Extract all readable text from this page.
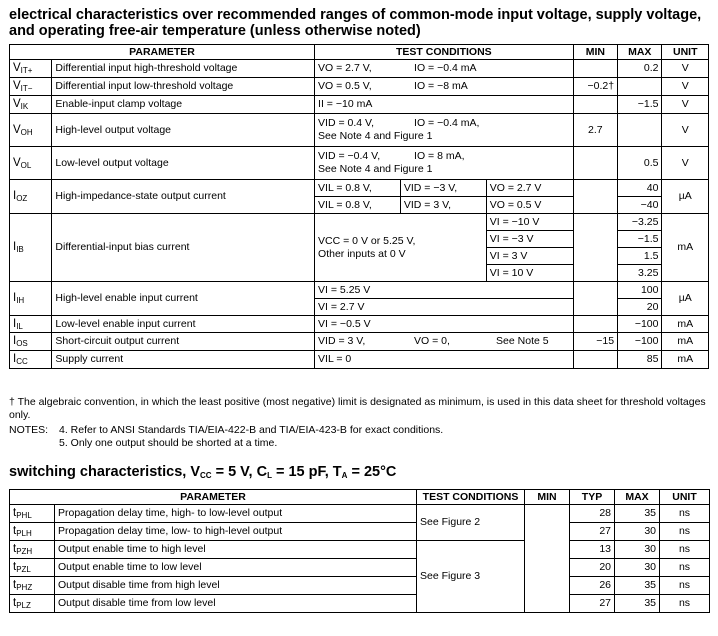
electrical characteristics over recommended ranges of common-mode input voltage, supply voltage, and operating free-air temperature (unless otherwise noted)
PARAMETER		TEST CONDITIONS			MIN	MAX	UNIT
$V_{IT+}$	Differential input high-threshold voltage	VO = 2.7 V, IO = −0.4 mA				0.2	V
$V_{IT-}$	Differential input low-threshold voltage	VO = 0.5 V, IO = −8 mA			−0.2†		V
$V_{IK}$	Enable-input clamp voltage	II = −10 mA				−1.5	V
$V_{OH}$	High-level output voltage	VID = 0.4 V, IO = −0.4 mA,
See Note 4 and Figure 1			2.7		V
$V_{OL}$	Low-level output voltage	VID = −0.4 V, IO = 8 mA,
See Note 4 and Figure 1				0.5	V
$I_{OZ}$	High-impedance-state output current	VIL = 0.8 V,	VID = −3 V,	VO = 2.7 V		40	µA
		VIL = 0.8 V,	VID = 3 V,	VO = 0.5 V		−40	
$I_{IB}$	Differential-input bias current	VCC = 0 V or 5.25 V,
Other inputs at 0 V		VI = −10 V		−3.25	mA
				VI = −3 V		−1.5	
				VI = 3 V		1.5	
				VI = 10 V		3.25	
$I_{IH}$	High-level enable input current	VI = 5.25 V				100	µA
		VI = 2.7 V				20	
$I_{IL}$	Low-level enable input current	VI = −0.5 V				−100	mA
$I_{OS}$	Short-circuit output current	VID = 3 V, VO = 0, See Note 5			−15	−100	mA
$I_{CC}$	Supply current	VIL = 0				85	mA
† The algebraic convention, in which the least positive (most negative) limit is designated as minimum, is used in this data sheet for threshold voltages only.
NOTES: 4. Refer to ANSI Standards TIA/EIA-422-B and TIA/EIA-423-B for exact conditions.
5. Only one output should be shorted at a time.
switching characteristics, $V_{CC} = 5$ V, $C_L = 15$ pF, $T_A = 25^\circ C$
PARAMETER		TEST CONDITIONS	MIN	TYP	MAX	UNIT
$t_{PHL}$	Propagation delay time, high- to low-level output	See Figure 2		28	35	ns
$t_{PLH}$	Propagation delay time, low- to high-level output			27	30	ns
$t_{PZH}$	Output enable time to high level	See Figure 3		13	30	ns
$t_{PZL}$	Output enable time to low level			20	30	ns
$t_{PHZ}$	Output disable time from high level			26	35	ns
$t_{PLZ}$	Output disable time from low level			27	35	ns
